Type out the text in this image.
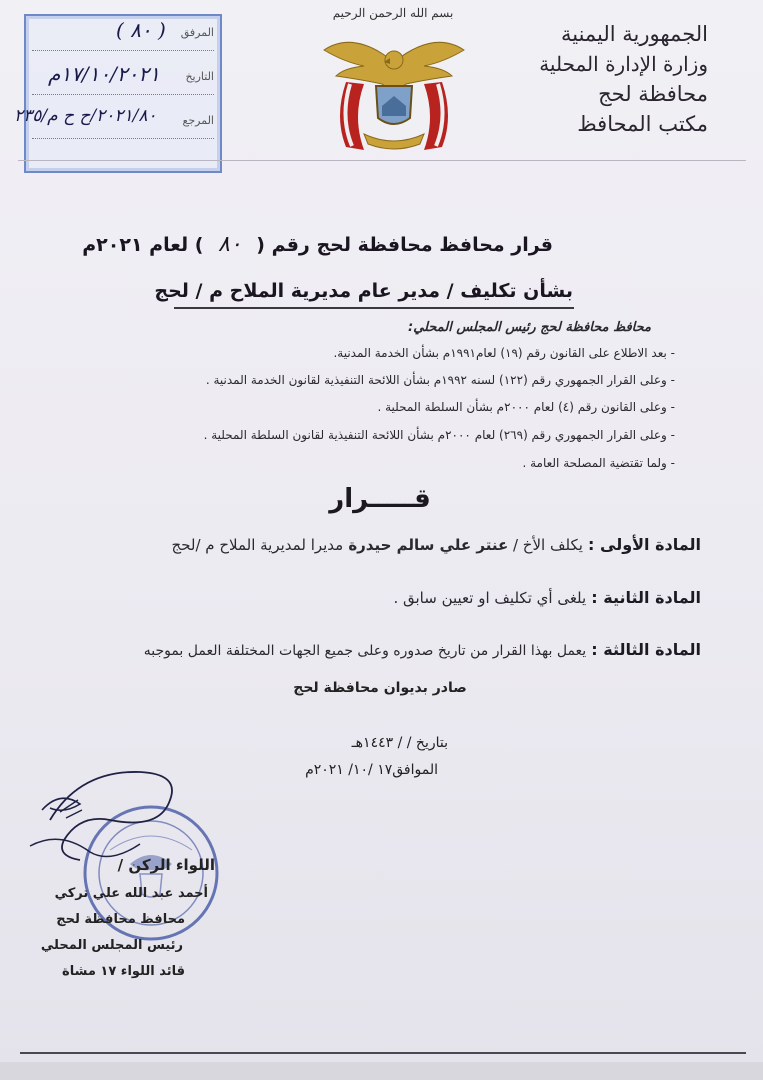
الجمهورية اليمنية
وزارة الإدارة المحلية
محافظة لحج
مكتب المحافظ
بسم الله الرحمن الرحيم
المرفق
( ٨٠ )
التاريخ
١٧/١٠/٢٠٢١م
المرجع
٢٠٢١/٨٠/ح ح م/٢٣٥
قرار محافظ محافظة لحج رقم ( ٨٠ ) لعام ٢٠٢١م
بشأن تكليف / مدير عام مديرية الملاح م / لحج
محافظ محافظة لحج رئيس المجلس المحلي:
- بعد الاطلاع على القانون رقم (١٩) لعام١٩٩١م بشأن الخدمة المدنية.
- وعلى القرار الجمهوري رقم (١٢٢) لسنه ١٩٩٢م بشأن اللائحة التنفيذية لقانون الخدمة المدنية .
- وعلى القانون رقم (٤) لعام ٢٠٠٠م بشأن السلطة المحلية .
- وعلى القرار الجمهوري رقم (٢٦٩) لعام ٢٠٠٠م بشأن اللائحة التنفيذية لقانون السلطة المحلية .
- ولما تقتضية المصلحة العامة .
قـــــرار
المادة الأولى : يكلف الأخ / عنتر علي سالم حيدرة مديرا لمديرية الملاح م /لحج
المادة الثانية : يلغى أي تكليف او تعيين سابق .
المادة الثالثة : يعمل بهذا القرار من تاريخ صدوره وعلى جميع الجهات المختلفة العمل بموجبه
صادر بديوان محافظة لحج
بتاريخ / / ١٤٤٣هـ
الموافق١٧ /١٠/ ٢٠٢١م
اللواء الركن /
أحمد عبد الله علي تركي
محافظ محافظة لحج
رئيس المجلس المحلي
قائد اللواء ١٧ مشاة
